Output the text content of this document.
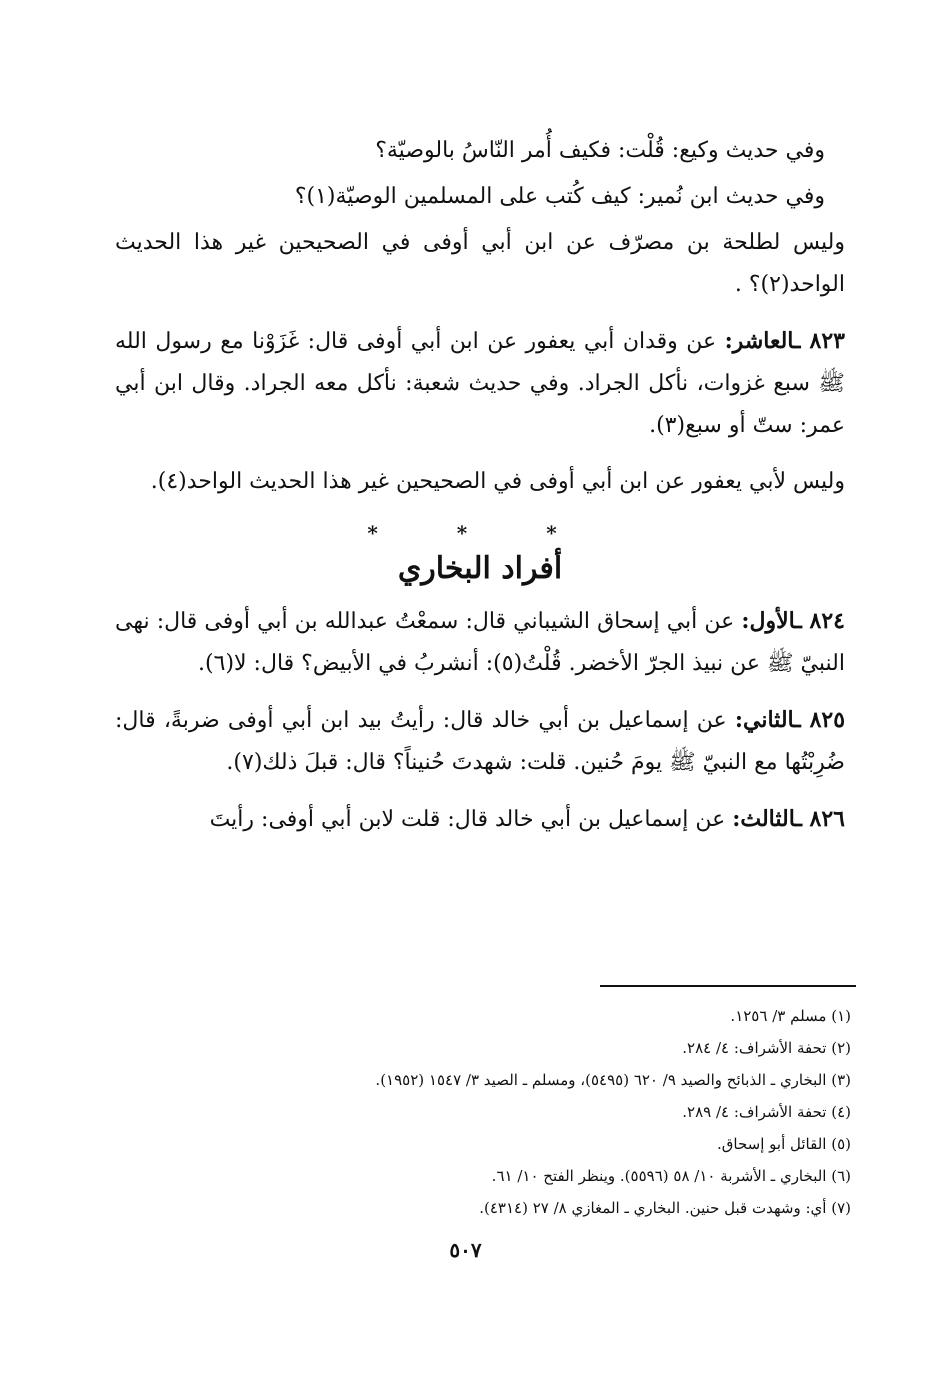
وفي حديث وكيع: قُلْت: فكيف أُمر النّاسُ بالوصيّة؟

وفي حديث ابن نُمير: كيف كُتب على المسلمين الوصيّة(١)؟

وليس لطلحة بن مصرّف عن ابن أبي أوفى في الصحيحين غير هذا الحديث الواحد(٢)؟ .

٨٢٣ ـالعاشر: عن وقدان أبي يعفور عن ابن أبي أوفى قال: غَزَوْنا مع رسول الله ﷺ سبع غزوات، نأكل الجراد. وفي حديث شعبة: نأكل معه الجراد. وقال ابن أبي عمر: ستّ أو سبع(٣).

وليس لأبي يعفور عن ابن أبي أوفى في الصحيحين غير هذا الحديث الواحد(٤).

* * *
أفراد البخاري

٨٢٤ ـالأول: عن أبي إسحاق الشيباني قال: سمعْتُ عبدالله بن أبي أوفى قال: نهى النبيّ ﷺ عن نبيذ الجرّ الأخضر. قُلْتُ(٥): أنشربُ في الأبيض؟ قال: لا(٦).

٨٢٥ ـالثاني: عن إسماعيل بن أبي خالد قال: رأيتُ بيد ابن أبي أوفى ضربةً، قال: ضُرِبْتُها مع النبيّ ﷺ يومَ حُنين. قلت: شهدتَ حُنيناً؟ قال: قبلَ ذلك(٧).

٨٢٦ ـالثالث: عن إسماعيل بن أبي خالد قال: قلت لابن أبي أوفى: رأيتَ

(١) مسلم ٣/ ١٢٥٦.
(٢) تحفة الأشراف: ٤/ ٢٨٤.
(٣) البخاري ـ الذبائح والصيد ٩/ ٦٢٠ (٥٤٩٥)، ومسلم ـ الصيد ٣/ ١٥٤٧ (١٩٥٢).
(٤) تحفة الأشراف: ٤/ ٢٨٩.
(٥) القائل أبو إسحاق.
(٦) البخاري ـ الأشربة ١٠/ ٥٨ (٥٥٩٦). وينظر الفتح ١٠/ ٦١.
(٧) أي: وشهدت قبل حنين. البخاري ـ المغازي ٨/ ٢٧ (٤٣١٤).
٥٠٧
